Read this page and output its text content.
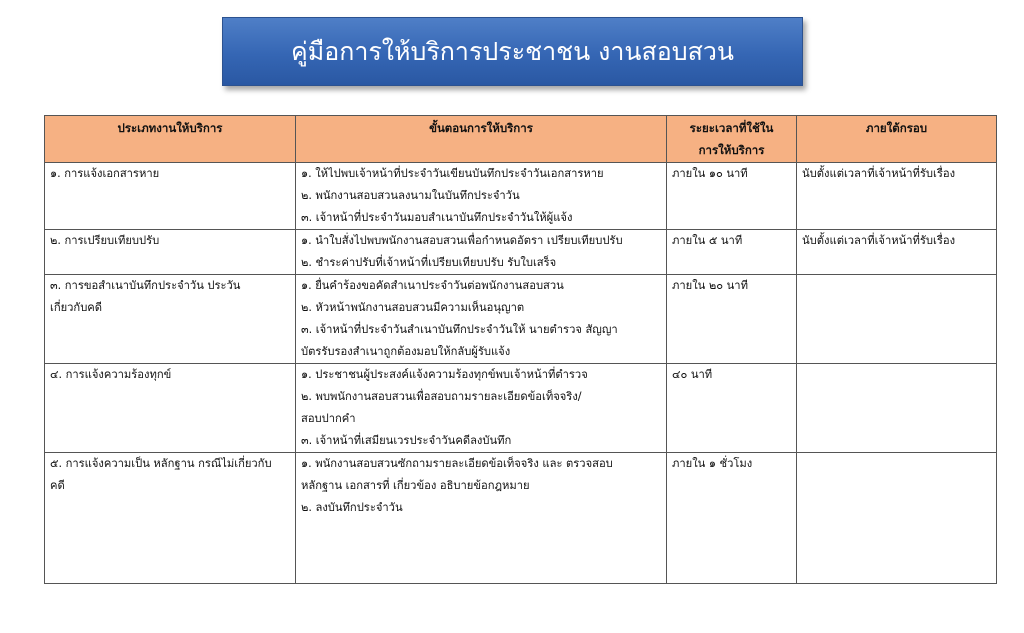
คู่มือการให้บริการประชาชน งานสอบสวน
ประเภทงานให้บริการ	ขั้นตอนการให้บริการ	ระยะเวลาที่ใช้ใน
การให้บริการ	ภายใต้กรอบ

๑. การแจ้งเอกสารหาย	๑. ให้ไปพบเจ้าหน้าที่ประจำวันเขียนบันทึกประจำวันเอกสารหาย
๒. พนักงานสอบสวนลงนามในบันทึกประจำวัน
๓. เจ้าหน้าที่ประจำวันมอบสำเนาบันทึกประจำวันให้ผู้แจ้ง	ภายใน ๑๐ นาที	นับตั้งแต่เวลาที่เจ้าหน้าที่รับเรื่อง

๒. การเปรียบเทียบปรับ	๑. นำใบสั่งไปพบพนักงานสอบสวนเพื่อกำหนดอัตรา เปรียบเทียบปรับ
๒. ชำระค่าปรับที่เจ้าหน้าที่เปรียบเทียบปรับ รับใบเสร็จ	ภายใน ๕ นาที	นับตั้งแต่เวลาที่เจ้าหน้าที่รับเรื่อง

๓. การขอสำเนาบันทึกประจำวัน ประวัน
เกี่ยวกับคดี	๑. ยื่นคำร้องขอคัดสำเนาประจำวันต่อพนักงานสอบสวน
๒. หัวหน้าพนักงานสอบสวนมีความเห็นอนุญาต
๓. เจ้าหน้าที่ประจำวันสำเนาบันทึกประจำวันให้ นายตำรวจ สัญญา
บัตรรับรองสำเนาถูกต้องมอบให้กลับผู้รับแจ้ง	ภายใน ๒๐ นาที	

๔. การแจ้งความร้องทุกข์	๑. ประชาชนผู้ประสงค์แจ้งความร้องทุกข์พบเจ้าหน้าที่ตำรวจ
๒. พบพนักงานสอบสวนเพื่อสอบถามรายละเอียดข้อเท็จจริง/
สอบปากคำ
๓. เจ้าหน้าที่เสมียนเวรประจำวันคดีลงบันทึก	๔๐ นาที	

๕. การแจ้งความเป็น หลักฐาน กรณีไม่เกี่ยวกับ
คดี	๑. พนักงานสอบสวนซักถามรายละเอียดข้อเท็จจริง และ ตรวจสอบ
หลักฐาน เอกสารที่ เกี่ยวข้อง อธิบายข้อกฎหมาย
๒. ลงบันทึกประจำวัน	ภายใน ๑ ชั่วโมง	
